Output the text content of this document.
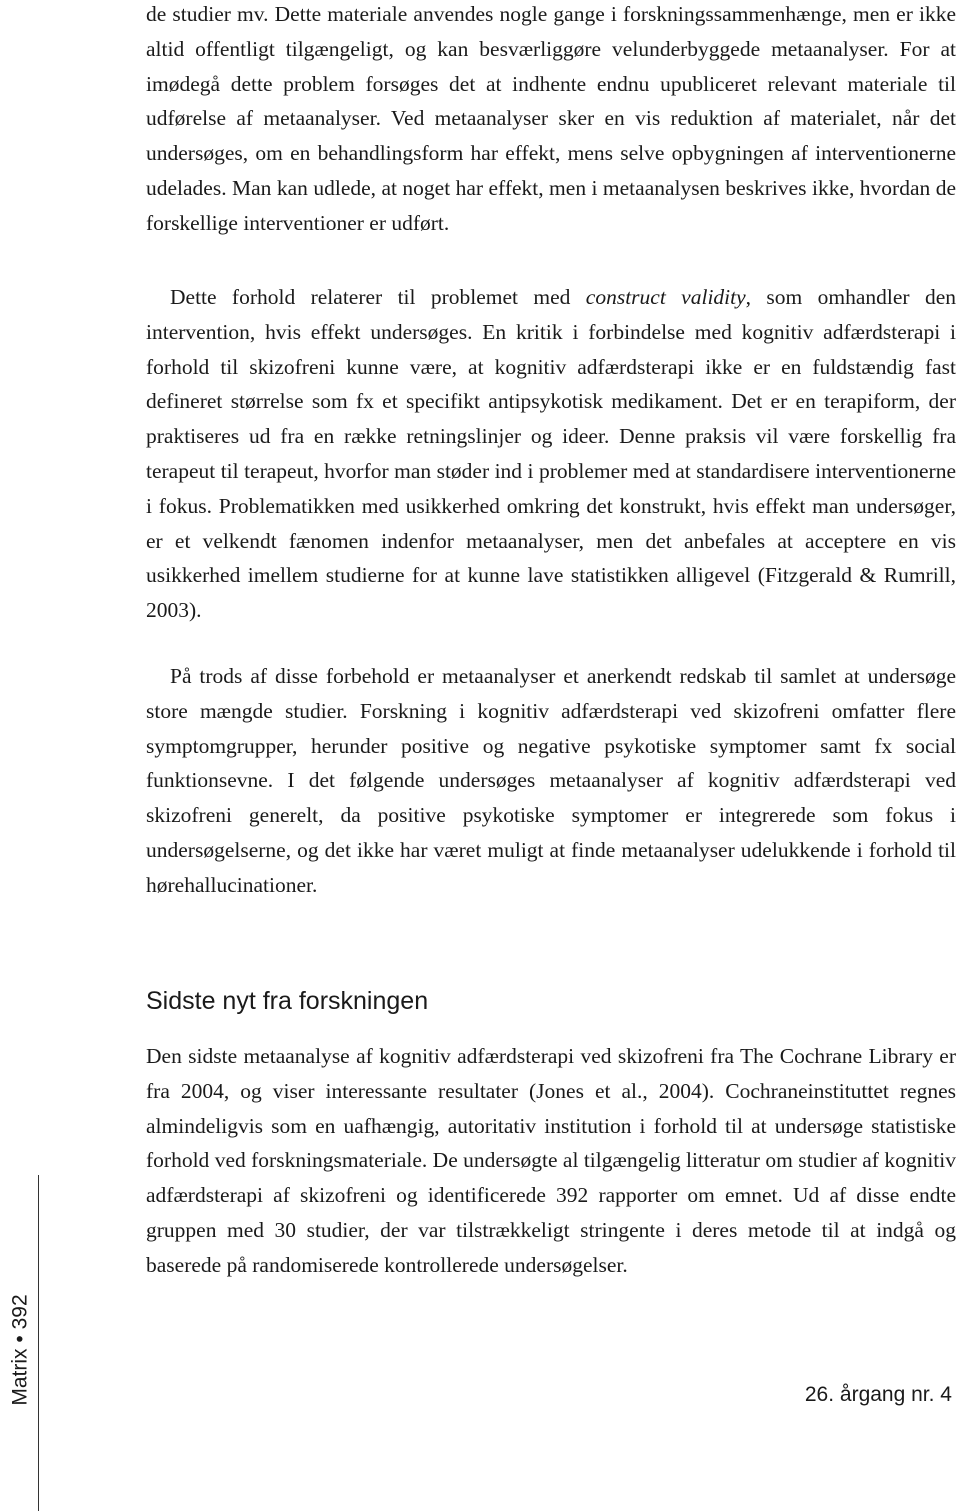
de studier mv. Dette materiale anvendes nogle gange i forskningssammenhænge, men er ikke altid offentligt tilgængeligt, og kan besværliggøre velunderbyggede metaanalyser. For at imødegå dette problem forsøges det at indhente endnu upubliceret relevant materiale til udførelse af metaanalyser. Ved metaanalyser sker en vis reduktion af materialet, når det undersøges, om en behandlingsform har effekt, mens selve opbygningen af interventionerne udelades. Man kan udlede, at noget har effekt, men i metaanalysen beskrives ikke, hvordan de forskellige interventioner er udført.

Dette forhold relaterer til problemet med construct validity, som omhandler den intervention, hvis effekt undersøges. En kritik i forbindelse med kognitiv adfærdsterapi i forhold til skizofreni kunne være, at kognitiv adfærdsterapi ikke er en fuldstændig fast defineret størrelse som fx et specifikt antipsykotisk medikament. Det er en terapiform, der praktiseres ud fra en række retningslinjer og ideer. Denne praksis vil være forskellig fra terapeut til terapeut, hvorfor man støder ind i problemer med at standardisere interventionerne i fokus. Problematikken med usikkerhed omkring det konstrukt, hvis effekt man undersøger, er et velkendt fænomen indenfor metaanalyser, men det anbefales at acceptere en vis usikkerhed imellem studierne for at kunne lave statistikken alligevel (Fitzgerald & Rumrill, 2003).

På trods af disse forbehold er metaanalyser et anerkendt redskab til samlet at undersøge store mængde studier. Forskning i kognitiv adfærdsterapi ved skizofreni omfatter flere symptomgrupper, herunder positive og negative psykotiske symptomer samt fx social funktionsevne. I det følgende undersøges metaanalyser af kognitiv adfærdsterapi ved skizofreni generelt, da positive psykotiske symptomer er integrerede som fokus i undersøgelserne, og det ikke har været muligt at finde metaanalyser udelukkende i forhold til hørehallucinationer.

Sidste nyt fra forskningen

Den sidste metaanalyse af kognitiv adfærdsterapi ved skizofreni fra The Cochrane Library er fra 2004, og viser interessante resultater (Jones et al., 2004). Cochraneinstituttet regnes almindeligvis som en uafhængig, autoritativ institution i forhold til at undersøge statistiske forhold ved forskningsmateriale. De undersøgte al tilgængelig litteratur om studier af kognitiv adfærdsterapi af skizofreni og identificerede 392 rapporter om emnet. Ud af disse endte gruppen med 30 studier, der var tilstrækkeligt stringente i deres metode til at indgå og baserede på randomiserede kontrollerede undersøgelser.

Matrix • 392
26. årgang nr. 4
